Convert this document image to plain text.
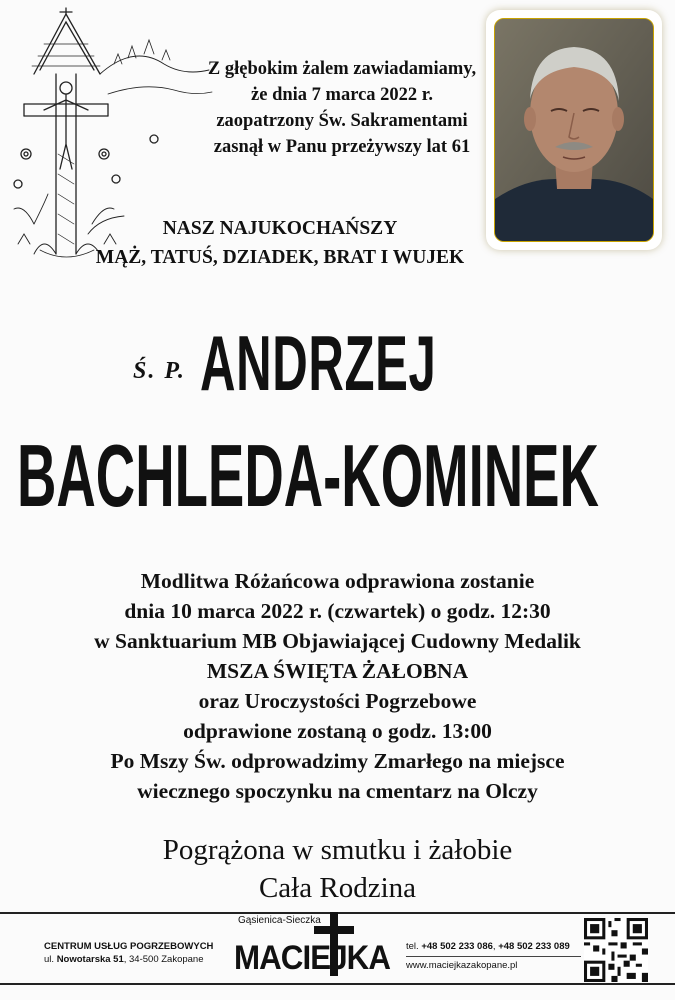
Z głębokim żalem zawiadamiamy,
że dnia 7 marca 2022 r.
zaopatrzony Św. Sakramentami
zasnął w Panu przeżywszy lat 61
NASZ NAJUKOCHAŃSZY
MĄŻ, TATUŚ, DZIADEK, BRAT I WUJEK
Ś. P. ANDRZEJ
BACHLEDA-KOMINEK
Modlitwa Różańcowa odprawiona zostanie
dnia 10 marca 2022 r. (czwartek) o godz. 12:30
w Sanktuarium MB Objawiającej Cudowny Medalik
MSZA ŚWIĘTA ŻAŁOBNA
oraz Uroczystości Pogrzebowe
odprawione zostaną o godz. 13:00
Po Mszy Św. odprowadzimy Zmarłego na miejsce
wiecznego spoczynku na cmentarz na Olczy
Pogrążona w smutku i żałobie
Cała Rodzina
CENTRUM USŁUG POGRZEBOWYCH
ul. Nowotarska 51, 34-500 Zakopane
Gąsienica-Sieczka
MACIEJKA tel. +48 502 233 086, +48 502 233 089
www.maciejkazakopane.pl
